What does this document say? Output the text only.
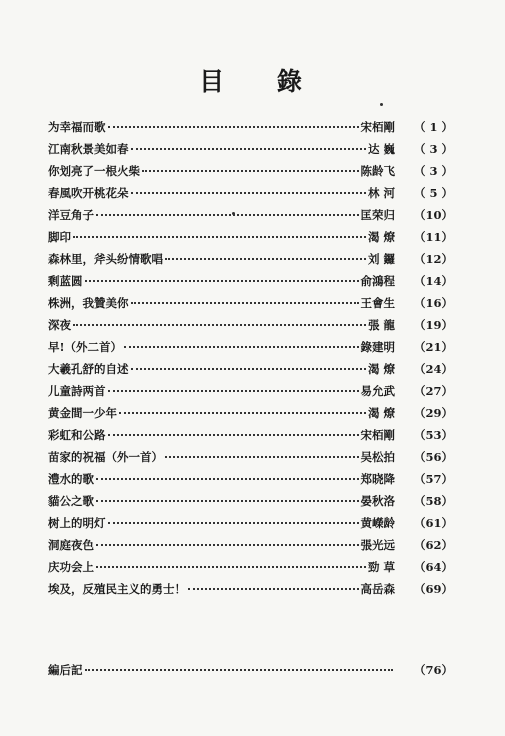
目 錄
为幸福而歌	宋栢剛	（ 1 ）
江南秋景美如春	达 巍	（ 3 ）
你划亮了一根火柴	陈龄飞	（ 3 ）
春風吹开桃花朵	林 河	（ 5 ）
洋豆角子	匡荣归	（10）
脚印	渴 燎	（11）
森林里，斧头纷情歌唱	刘 鑼	（12）
剩蓝圆	俞鴻程	（14）
株洲，我贊美你	王會生	（16）
深夜	張 龍	（19）
早!（外二首）	錄建明	（21）
大羲孔舒的自述	渴 燎	（24）
儿童詩两首	易允武	（27）
黄金間一少年	渴 燎	（29）
彩虹和公路	宋栢剛	（53）
苗家的祝福（外一首）	吴松拍	（56）
澧水的歌	郑晓降	（57）
貓公之歌	晏秋洛	（58）
树上的明灯	黄嶸龄	（61）
洞庭夜色	張光远	（62）
庆功会上	勁 草	（64）
埃及，反殖民主义的勇士！	高岳森	（69）
編后記	（76）
